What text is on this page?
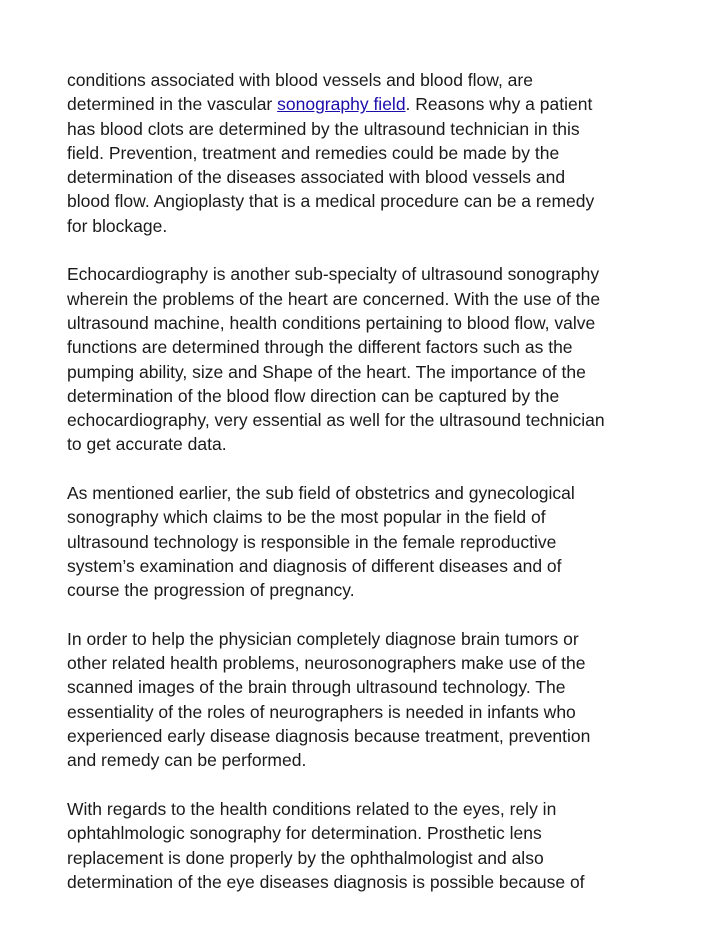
conditions associated with blood vessels and blood flow, are
determined in the vascular sonography field. Reasons why a patient
has blood clots are determined by the ultrasound technician in this
field. Prevention, treatment and remedies could be made by the
determination of the diseases associated with blood vessels and
blood flow. Angioplasty that is a medical procedure can be a remedy
for blockage.

Echocardiography is another sub-specialty of ultrasound sonography
wherein the problems of the heart are concerned. With the use of the
ultrasound machine, health conditions pertaining to blood flow, valve
functions are determined through the different factors such as the
pumping ability, size and Shape of the heart. The importance of the
determination of the blood flow direction can be captured by the
echocardiography, very essential as well for the ultrasound technician
to get accurate data.

As mentioned earlier, the sub field of obstetrics and gynecological
sonography which claims to be the most popular in the field of
ultrasound technology is responsible in the female reproductive
system’s examination and diagnosis of different diseases and of
course the progression of pregnancy.

In order to help the physician completely diagnose brain tumors or
other related health problems, neurosonographers make use of the
scanned images of the brain through ultrasound technology. The
essentiality of the roles of neurographers is needed in infants who
experienced early disease diagnosis because treatment, prevention
and remedy can be performed.

With regards to the health conditions related to the eyes, rely in
ophtahlmologic sonography for determination. Prosthetic lens
replacement is done properly by the ophthalmologist and also
determination of the eye diseases diagnosis is possible because of
